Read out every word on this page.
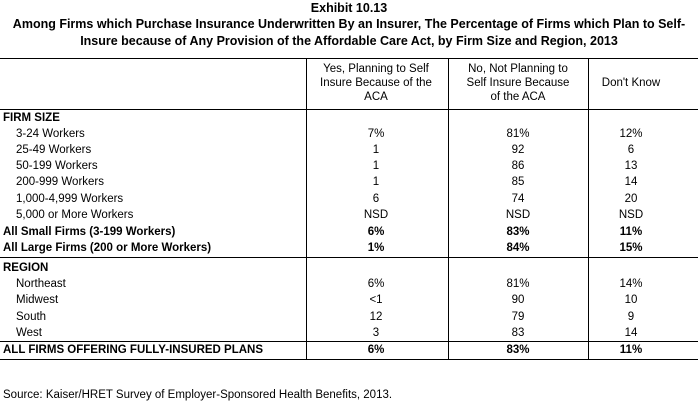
Exhibit 10.13
Among Firms which Purchase Insurance Underwritten By an Insurer, The Percentage of Firms which Plan to Self-
Insure because of Any Provision of the Affordable Care Act, by Firm Size and Region, 2013
Yes, Planning to Self
Insure Because of the
ACA
No, Not Planning to
Self Insure Because
of the ACA
Don't Know
FIRM SIZE
3-24 Workers	7%	81%	12%
25-49 Workers	1	92	6
50-199 Workers	1	86	13
200-999 Workers	1	85	14
1,000-4,999 Workers	6	74	20
5,000 or More Workers	NSD	NSD	NSD
All Small Firms (3-199 Workers)	6%	83%	11%
All Large Firms (200 or More Workers)	1%	84%	15%
REGION
Northeast	6%	81%	14%
Midwest	<1	90	10
South	12	79	9
West	3	83	14
ALL FIRMS OFFERING FULLY-INSURED PLANS	6%	83%	11%
Source: Kaiser/HRET Survey of Employer-Sponsored Health Benefits, 2013.
